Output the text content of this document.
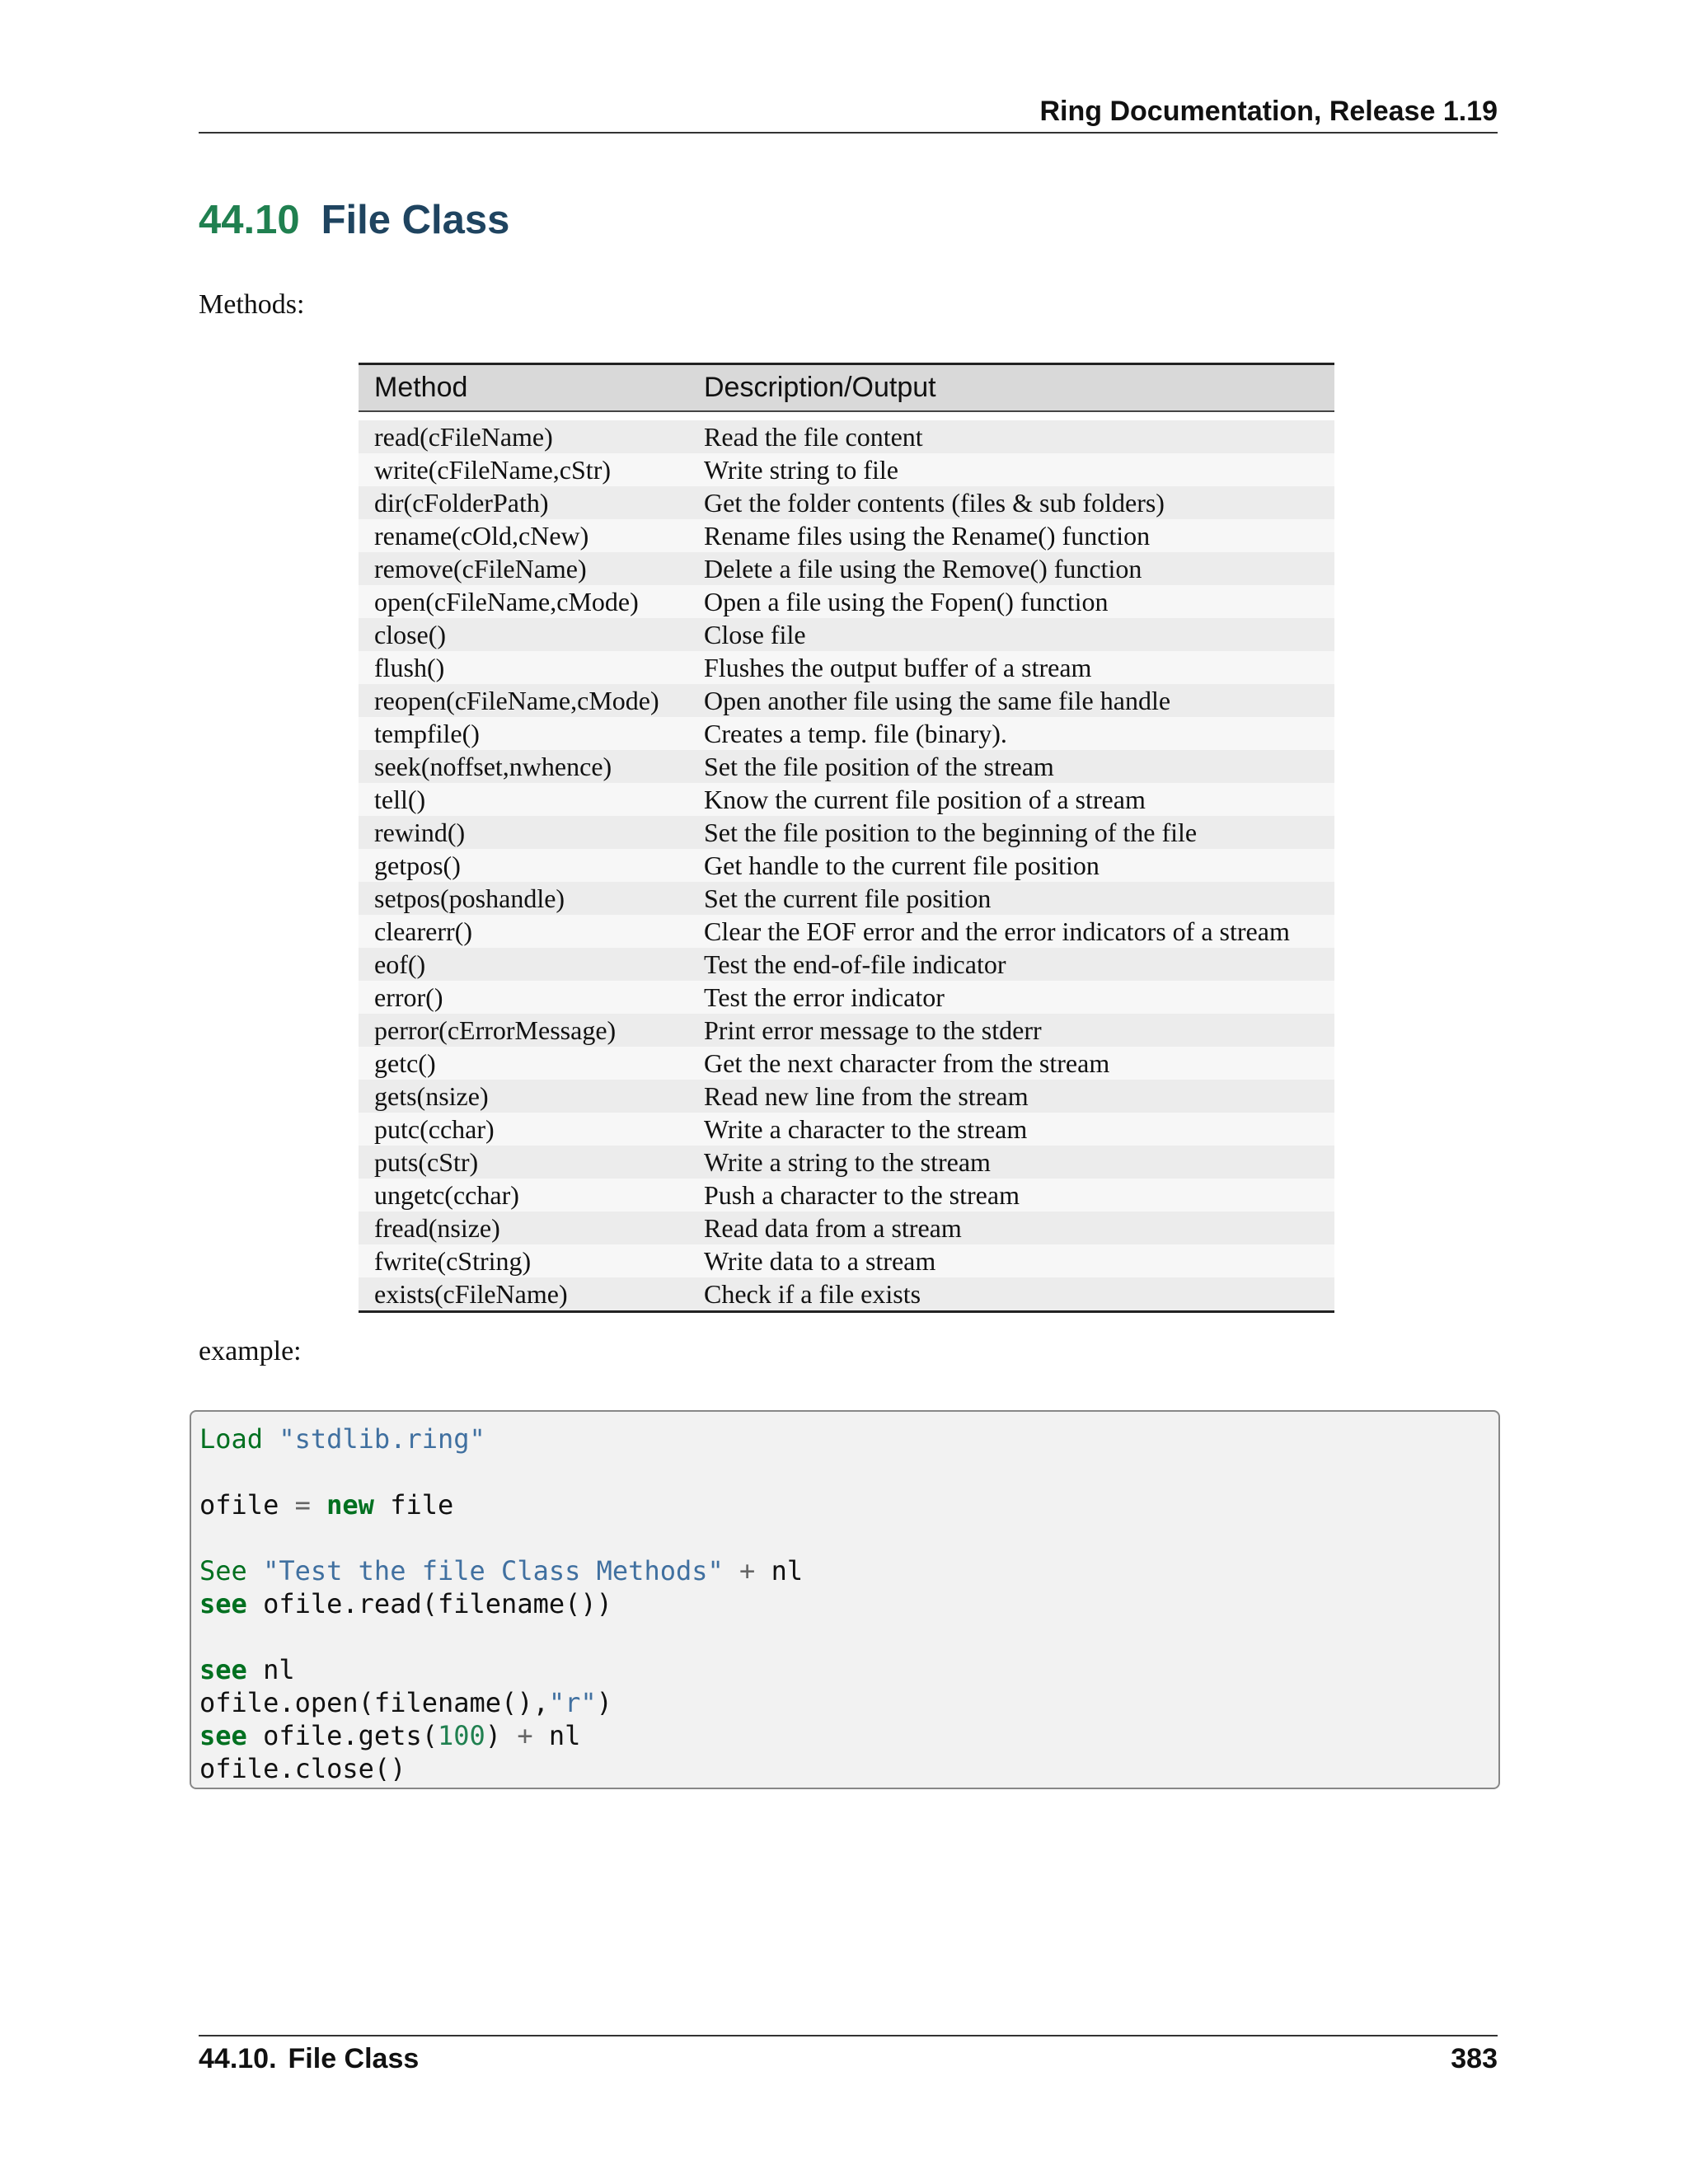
Ring Documentation, Release 1.19
44.10 File Class
Methods:
Method	Description/Output

read(cFileName)	Read the file content
write(cFileName,cStr)	Write string to file
dir(cFolderPath)	Get the folder contents (files & sub folders)
rename(cOld,cNew)	Rename files using the Rename() function
remove(cFileName)	Delete a file using the Remove() function
open(cFileName,cMode)	Open a file using the Fopen() function
close()	Close file
flush()	Flushes the output buffer of a stream
reopen(cFileName,cMode)	Open another file using the same file handle
tempfile()	Creates a temp. file (binary).
seek(noffset,nwhence)	Set the file position of the stream
tell()	Know the current file position of a stream
rewind()	Set the file position to the beginning of the file
getpos()	Get handle to the current file position
setpos(poshandle)	Set the current file position
clearerr()	Clear the EOF error and the error indicators of a stream
eof()	Test the end-of-file indicator
error()	Test the error indicator
perror(cErrorMessage)	Print error message to the stderr
getc()	Get the next character from the stream
gets(nsize)	Read new line from the stream
putc(cchar)	Write a character to the stream
puts(cStr)	Write a string to the stream
ungetc(cchar)	Push a character to the stream
fread(nsize)	Read data from a stream
fwrite(cString)	Write data to a stream
exists(cFileName)	Check if a file exists
example:
Load "stdlib.ring"
ofile = new file
See "Test the file Class Methods" + nl
see ofile.read(filename())
see nl
ofile.open(filename(),"r")
see ofile.gets(100) + nl
ofile.close()
44.10. File Class	383
